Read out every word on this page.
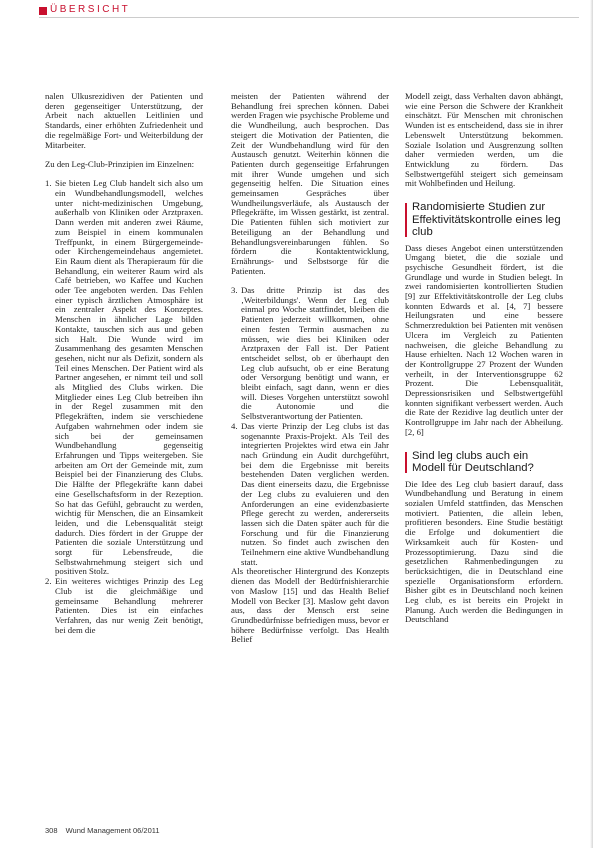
ÜBERSICHT

nalen Ulkusrezidiven der Patienten und deren gegenseitiger Unterstützung, der Arbeit nach aktuellen Leitlinien und Standards, einer erhöhten Zufriedenheit und die regelmäßige Fort- und Weiterbildung der Mitarbeiter.

Zu den Leg-Club-Prinzipien im Einzelnen:

1. Sie bieten Leg Club handelt sich also um ein Wundbehandlungsmodell, welches unter nicht-medizinischen Umgebung, außerhalb von Kliniken oder Arztpraxen. Dann werden mit anderen zwei Räume, zum Beispiel in einem kommunalen Treffpunkt, in einem Bürgergemeinde- oder Kirchengemeindehaus angemietet. Ein Raum dient als Therapieraum für die Behandlung, ein weiterer Raum wird als Café betrieben, wo Kaffee und Kuchen oder Tee angeboten werden. Das Fehlen einer typisch ärztlichen Atmosphäre ist ein zentraler Aspekt des Konzeptes. Menschen in ähnlicher Lage bilden Kontakte, tauschen sich aus und geben sich Halt. Die Wunde wird im Zusammenhang des gesamten Menschen gesehen, nicht nur als Defizit, sondern als Teil eines Menschen. Der Patient wird als Partner angesehen, er nimmt teil und soll als Mitglied des Clubs wirken. Die Mitglieder eines Leg Club betreiben ihn in der Regel zusammen mit den Pflegekräften, indem sie verschiedene Aufgaben wahrnehmen oder indem sie sich bei der gemeinsamen Wundbehandlung gegenseitig Erfahrungen und Tipps weitergeben. Sie arbeiten am Ort der Gemeinde mit, zum Beispiel bei der Finanzierung des Clubs. Die Hälfte der Pflegekräfte kann dabei eine Gesellschaftsform in der Rezeption. So hat das Gefühl, gebraucht zu werden, wichtig für Menschen, die an Einsamkeit leiden, und die Lebensqualität steigt dadurch. Dies fördert in der Gruppe der Patienten die soziale Unterstützung und sorgt für Lebensfreude, die Selbstwahrnehmung steigert sich und positiven Stolz.
2. Ein weiteres wichtiges Prinzip des Leg Club ist die gleichmäßige und gemeinsame Behandlung mehrerer Patienten. Dies ist ein einfaches Verfahren, das nur wenig Zeit benötigt, bei dem die

meisten der Patienten während der Behandlung frei sprechen können. Dabei werden Fragen wie psychische Probleme und die Wundheilung, auch besprochen. Das steigert die Motivation der Patienten, die Zeit der Wundbehandlung wird für den Austausch genutzt. Weiterhin können die Patienten durch gegenseitige Erfahrungen mit ihrer Wunde umgehen und sich gegenseitig helfen. Die Situation eines gemeinsamen Gespräches über Wundheilungsverläufe, als Austausch der Pflegekräfte, im Wissen gestärkt, ist zentral. Die Patienten fühlen sich motiviert zur Beteiligung an der Behandlung und Behandlungsvereinbarungen fühlen. So fördern die Kontaktentwicklung, Ernährungs- und Selbstsorge für die Patienten.

3. Das dritte Prinzip ist das des ‚Weiterbildungs'. Wenn der Leg club einmal pro Woche stattfindet, bleiben die Patienten jederzeit willkommen, ohne einen festen Termin ausmachen zu müssen, wie dies bei Kliniken oder Arztpraxen der Fall ist. Der Patient entscheidet selbst, ob er überhaupt den Leg club aufsucht, ob er eine Beratung oder Versorgung benötigt und wann, er bleibt einfach, sagt dann, wenn er dies will. Dieses Vorgehen unterstützt sowohl die Autonomie und die Selbstverantwortung der Patienten.
4. Das vierte Prinzip der Leg clubs ist das sogenannte Praxis-Projekt. Als Teil des integrierten Projektes wird etwa ein Jahr nach Gründung ein Audit durchgeführt, bei dem die Ergebnisse mit bereits bestehenden Daten verglichen werden. Das dient einerseits dazu, die Ergebnisse der Leg clubs zu evaluieren und den Anforderungen an eine evidenzbasierte Pflege gerecht zu werden, andererseits lassen sich die Daten später auch für die Forschung und für die Finanzierung nutzen. So findet auch zwischen den Teilnehmern eine aktive Wundbehandlung statt.

Als theoretischer Hintergrund des Konzepts dienen das Modell der Bedürfnishierarchie von Maslow [15] und das Health Belief Modell von Becker [3]. Maslow geht davon aus, dass der Mensch erst seine Grundbedürfnisse befriedigen muss, bevor er höhere Bedürfnisse verfolgt. Das Health Belief

Modell zeigt, dass Verhalten davon abhängt, wie eine Person die Schwere der Krankheit einschätzt. Für Menschen mit chronischen Wunden ist es entscheidend, dass sie in ihrer Lebenswelt Unterstützung bekommen. Soziale Isolation und Ausgrenzung sollten daher vermieden werden, um die Entwicklung zu fördern. Das Selbstwertgefühl steigert sich gemeinsam mit Wohlbefinden und Heilung.

Randomisierte Studien zur Effektivitätskontrolle eines leg club

Dass dieses Angebot einen unterstützenden Umgang bietet, die die soziale und psychische Gesundheit fördert, ist die Grundlage und wurde in Studien belegt. In zwei randomisierten kontrollierten Studien [9] zur Effektivitätskontrolle der Leg clubs konnten Edwards et al. [4, 7] bessere Heilungsraten und eine bessere Schmerzreduktion bei Patienten mit venösen Ulcera im Vergleich zu Patienten nachweisen, die gleiche Behandlung zu Hause erhielten. Nach 12 Wochen waren in der Kontrollgruppe 27 Prozent der Wunden verheilt, in der Interventionsgruppe 62 Prozent. Die Lebensqualität, Depressionsrisiken und Selbstwertgefühl konnten signifikant verbessert werden. Auch die Rate der Rezidive lag deutlich unter der Kontrollgruppe im Jahr nach der Abheilung. [2, 6]

Sind leg clubs auch ein Modell für Deutschland?

Die Idee des Leg club basiert darauf, dass Wundbehandlung und Beratung in einem sozialen Umfeld stattfinden, das Menschen motiviert. Patienten, die allein leben, profitieren besonders. Eine Studie bestätigt die Erfolge und dokumentiert die Wirksamkeit auch für Kosten- und Prozessoptimierung. Dazu sind die gesetzlichen Rahmenbedingungen zu berücksichtigen, die in Deutschland eine spezielle Organisationsform erfordern. Bisher gibt es in Deutschland noch keinen Leg club, es ist bereits ein Projekt in Planung. Auch werden die Bedingungen in Deutschland

308 Wund Management 06/2011
